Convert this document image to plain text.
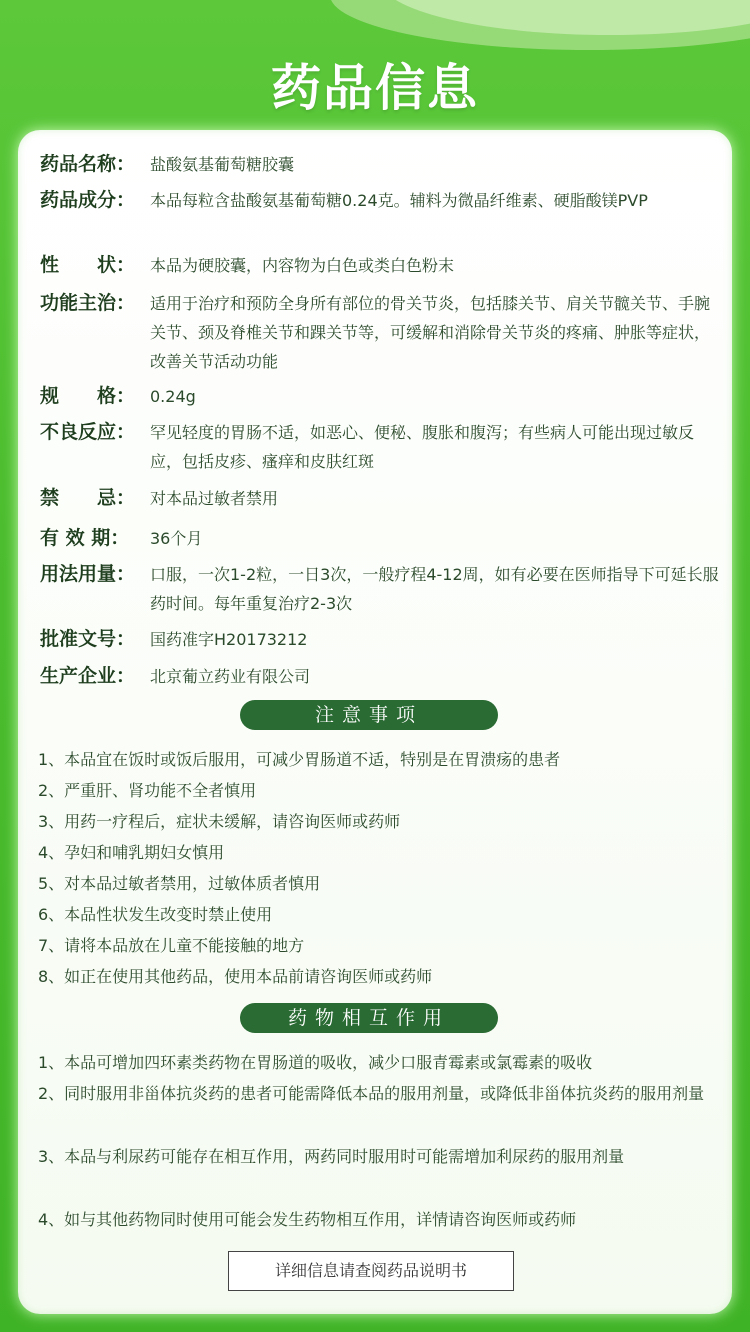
药品信息
药品名称： 盐酸氨基葡萄糖胶囊
药品成分： 本品每粒含盐酸氨基葡萄糖0.24克。辅料为微晶纤维素、硬脂酸镁PVP
性　　状： 本品为硬胶囊，内容物为白色或类白色粉末
功能主治： 适用于治疗和预防全身所有部位的骨关节炎，包括膝关节、肩关节髋关节、手腕关节、颈及脊椎关节和踝关节等，可缓解和消除骨关节炎的疼痛、肿胀等症状，改善关节活动功能
规　　格： 0.24g
不良反应： 罕见轻度的胃肠不适，如恶心、便秘、腹胀和腹泻；有些病人可能出现过敏反应，包括皮疹、瘙痒和皮肤红斑
禁　　忌： 对本品过敏者禁用
有 效 期：	36个月
用法用量： 口服，一次1-2粒，一日3次，一般疗程4-12周，如有必要在医师指导下可延长服药时间。每年重复治疗2-3次
批准文号： 国药准字H20173212
生产企业： 北京葡立药业有限公司
注意事项
1、本品宜在饭时或饭后服用，可减少胃肠道不适，特别是在胃溃疡的患者
2、严重肝、肾功能不全者慎用
3、用药一疗程后，症状未缓解，请咨询医师或药师
4、孕妇和哺乳期妇女慎用
5、对本品过敏者禁用，过敏体质者慎用
6、本品性状发生改变时禁止使用
7、请将本品放在儿童不能接触的地方
8、如正在使用其他药品，使用本品前请咨询医师或药师
药物相互作用
1、本品可增加四环素类药物在胃肠道的吸收，减少口服青霉素或氯霉素的吸收
2、同时服用非甾体抗炎药的患者可能需降低本品的服用剂量，或降低非甾体抗炎药的服用剂量
3、本品与利尿药可能存在相互作用，两药同时服用时可能需增加利尿药的服用剂量
4、如与其他药物同时使用可能会发生药物相互作用，详情请咨询医师或药师
详细信息请查阅药品说明书
